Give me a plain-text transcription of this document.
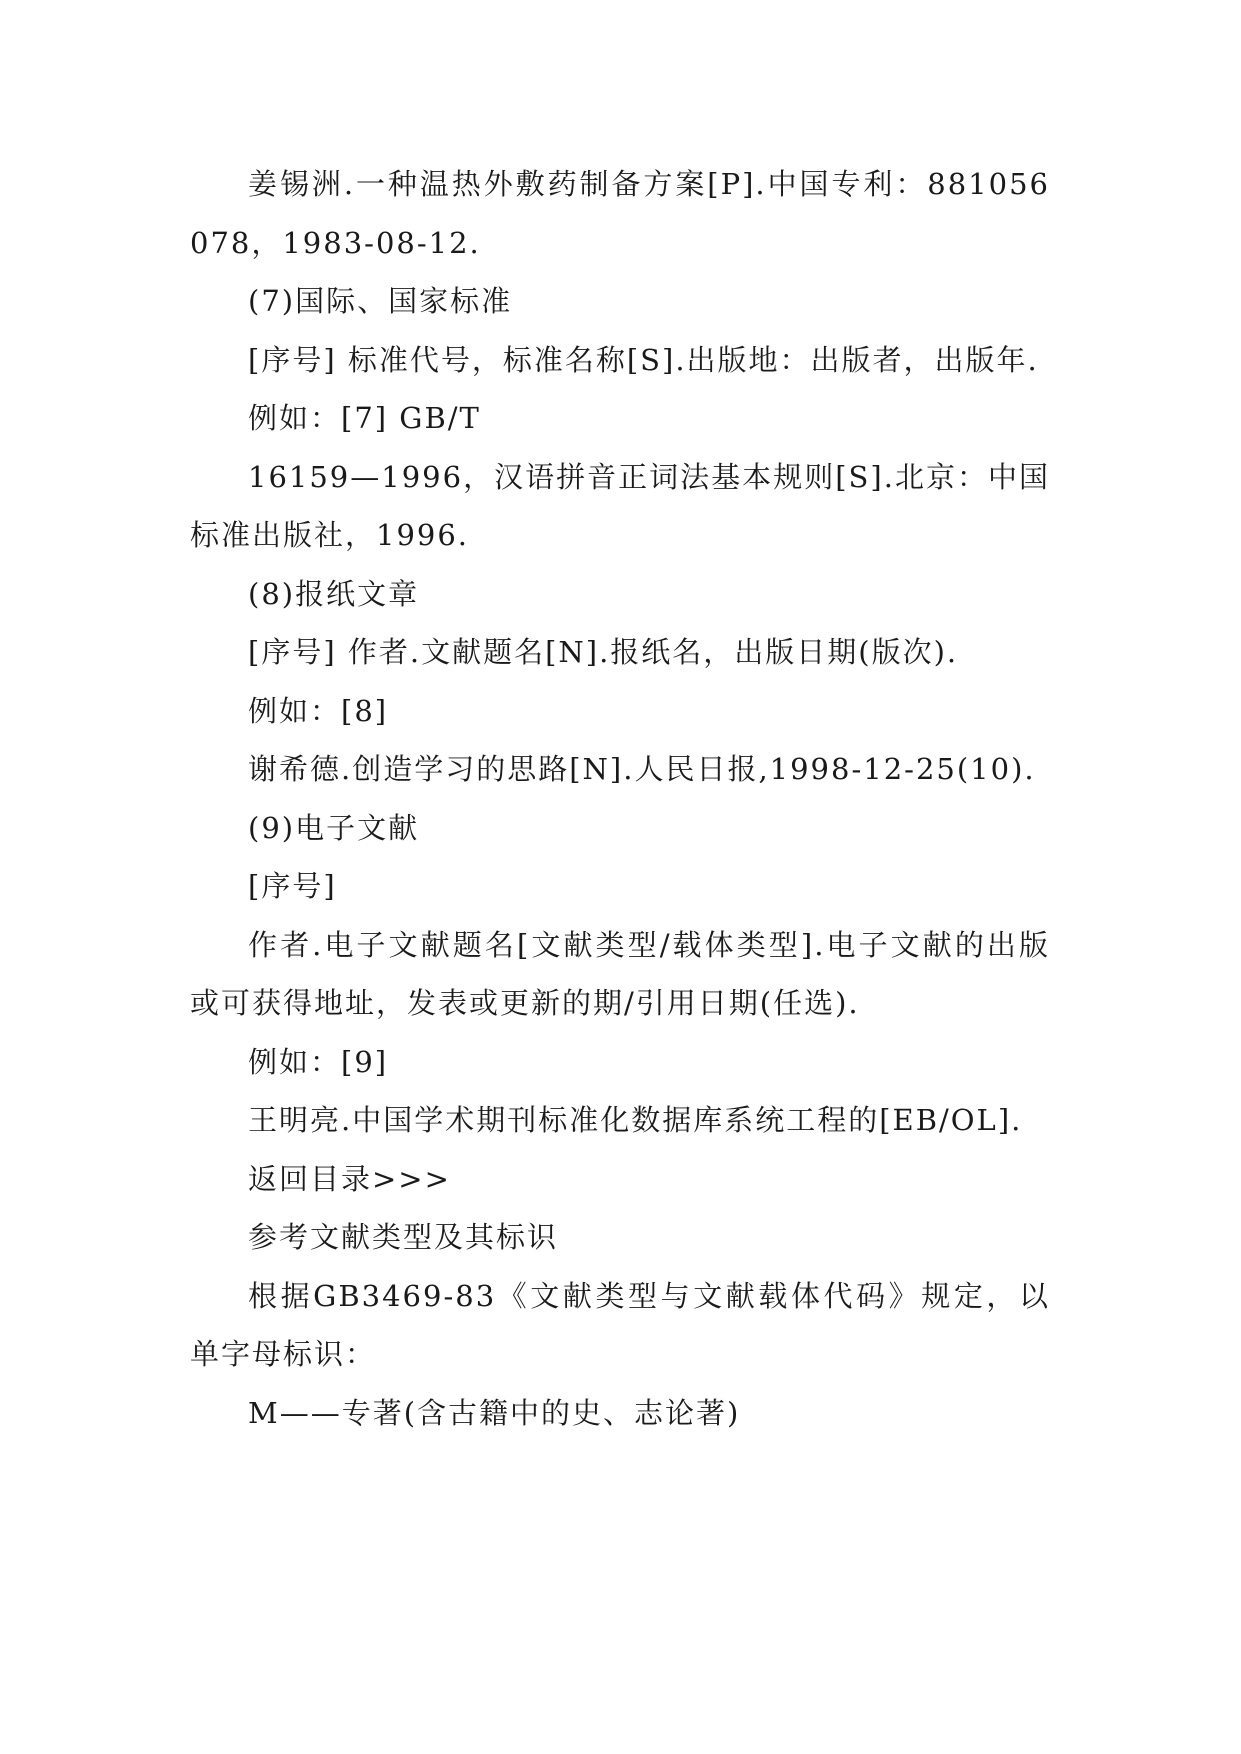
姜锡洲.一种温热外敷药制备方案[P].中国专利：881056078，1983-08-12.

(7)国际、国家标准

[序号] 标准代号，标准名称[S].出版地：出版者，出版年.

例如：[7] GB/T

16159—1996，汉语拼音正词法基本规则[S].北京：中国标准出版社，1996.

(8)报纸文章

[序号] 作者.文献题名[N].报纸名，出版日期(版次).

例如：[8]

谢希德.创造学习的思路[N].人民日报,1998-12-25(10).

(9)电子文献

[序号]

作者.电子文献题名[文献类型/载体类型].电子文献的出版或可获得地址，发表或更新的期/引用日期(任选).

例如：[9]

王明亮.中国学术期刊标准化数据库系统工程的[EB/OL].

返回目录>>>

参考文献类型及其标识

根据GB3469-83《文献类型与文献载体代码》规定，以单字母标识：

M——专著(含古籍中的史、志论著)
